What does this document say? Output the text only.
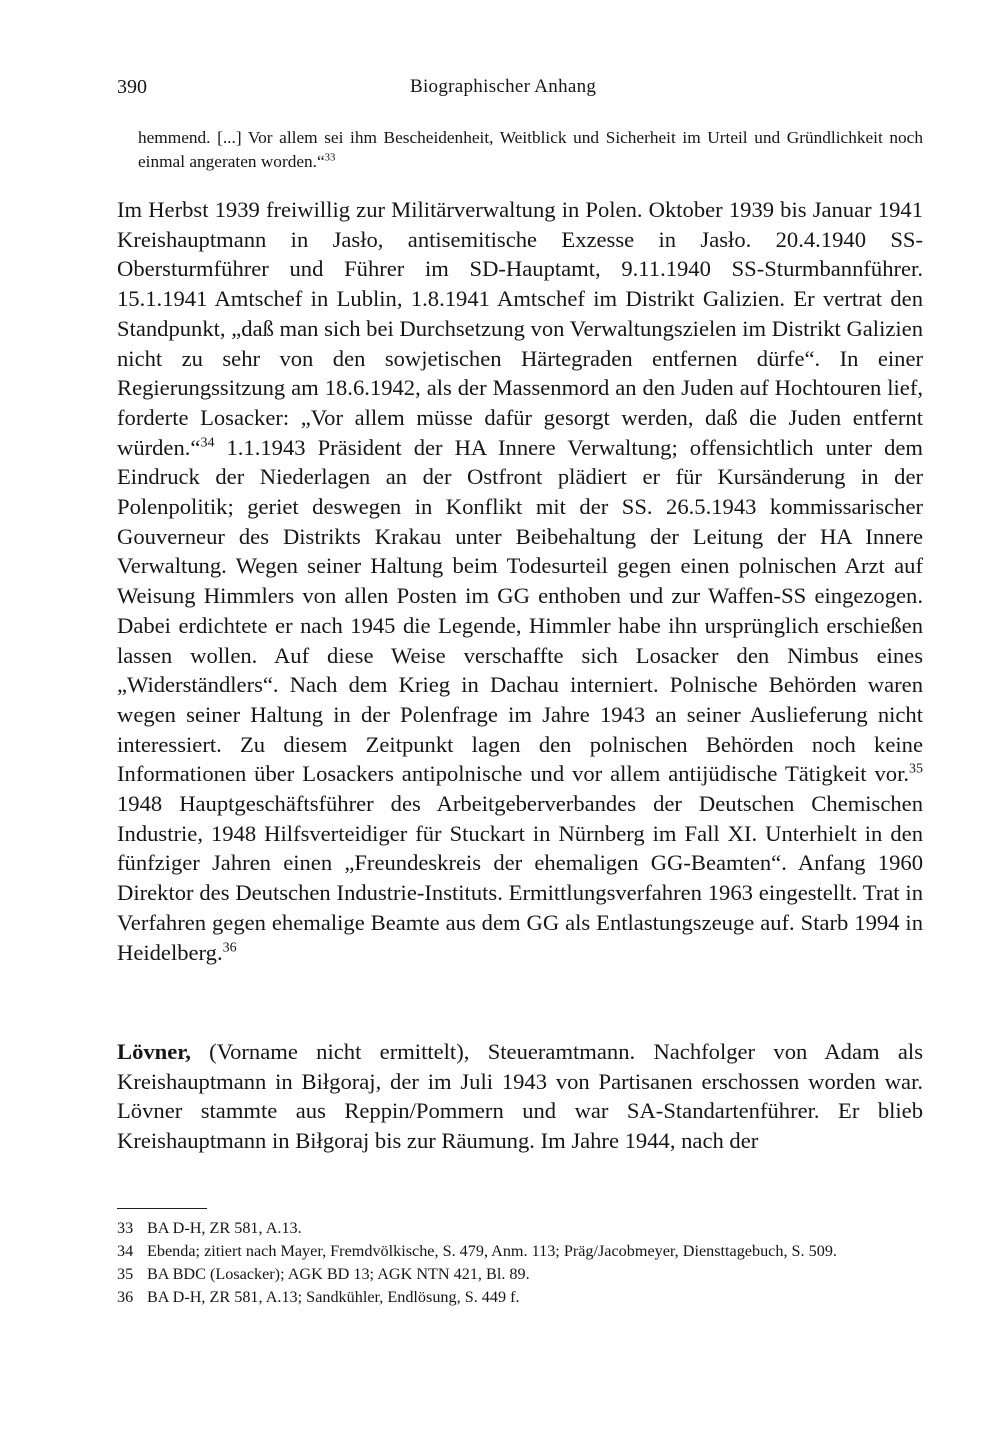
390	Biographischer Anhang

hemmend. [...] Vor allem sei ihm Bescheidenheit, Weitblick und Sicherheit im Urteil und Gründlichkeit noch einmal angeraten worden.“$^{33}$

Im Herbst 1939 freiwillig zur Militärverwaltung in Polen. Oktober 1939 bis Januar 1941 Kreishauptmann in Jasło, antisemitische Exzesse in Jasło. 20.4.1940 SS-Obersturmführer und Führer im SD-Hauptamt, 9.11.1940 SS-Sturmbannführer. 15.1.1941 Amtschef in Lublin, 1.8.1941 Amtschef im Distrikt Galizien. Er vertrat den Standpunkt, „daß man sich bei Durchsetzung von Verwaltungszielen im Distrikt Galizien nicht zu sehr von den sowjetischen Härtegraden entfernen dürfe“. In einer Regierungssitzung am 18.6.1942, als der Massenmord an den Juden auf Hochtouren lief, forderte Losacker: „Vor allem müsse dafür gesorgt werden, daß die Juden entfernt würden.“$^{34}$ 1.1.1943 Präsident der HA Innere Verwaltung; offensichtlich unter dem Eindruck der Niederlagen an der Ostfront plädiert er für Kursänderung in der Polenpolitik; geriet deswegen in Konflikt mit der SS. 26.5.1943 kommissarischer Gouverneur des Distrikts Krakau unter Beibehaltung der Leitung der HA Innere Verwaltung. Wegen seiner Haltung beim Todesurteil gegen einen polnischen Arzt auf Weisung Himmlers von allen Posten im GG enthoben und zur Waffen-SS eingezogen. Dabei erdichtete er nach 1945 die Legende, Himmler habe ihn ursprünglich erschießen lassen wollen. Auf diese Weise verschaffte sich Losacker den Nimbus eines „Widerständlers“. Nach dem Krieg in Dachau interniert. Polnische Behörden waren wegen seiner Haltung in der Polenfrage im Jahre 1943 an seiner Auslieferung nicht interessiert. Zu diesem Zeitpunkt lagen den polnischen Behörden noch keine Informationen über Losackers antipolnische und vor allem antijüdische Tätigkeit vor.$^{35}$ 1948 Hauptgeschäftsführer des Arbeitgeberverbandes der Deutschen Chemischen Industrie, 1948 Hilfsverteidiger für Stuckart in Nürnberg im Fall XI. Unterhielt in den fünfziger Jahren einen „Freundeskreis der ehemaligen GG-Beamten“. Anfang 1960 Direktor des Deutschen Industrie-Instituts. Ermittlungsverfahren 1963 eingestellt. Trat in Verfahren gegen ehemalige Beamte aus dem GG als Entlastungszeuge auf. Starb 1994 in Heidelberg.$^{36}$

Lövner, (Vorname nicht ermittelt), Steueramtmann. Nachfolger von Adam als Kreishauptmann in Biłgoraj, der im Juli 1943 von Partisanen erschossen worden war. Lövner stammte aus Reppin/Pommern und war SA-Standartenführer. Er blieb Kreishauptmann in Biłgoraj bis zur Räumung. Im Jahre 1944, nach der

33 BA D-H, ZR 581, A.13.
34 Ebenda; zitiert nach Mayer, Fremdvölkische, S. 479, Anm. 113; Präg/Jacobmeyer, Diensttagebuch, S. 509.
35 BA BDC (Losacker); AGK BD 13; AGK NTN 421, Bl. 89.
36 BA D-H, ZR 581, A.13; Sandkühler, Endlösung, S. 449 f.
